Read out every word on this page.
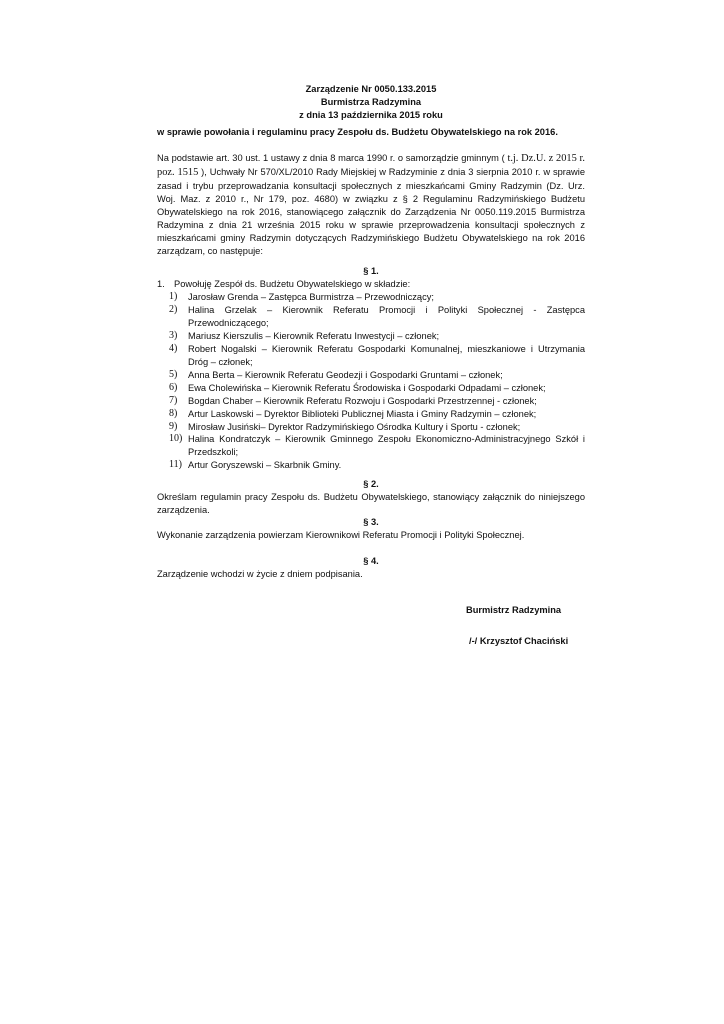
Zarządzenie Nr 0050.133.2015
Burmistrza Radzymina
z dnia 13 października 2015 roku
w sprawie powołania i regulaminu pracy Zespołu ds. Budżetu Obywatelskiego na rok 2016.
Na podstawie art. 30 ust. 1 ustawy z dnia 8 marca 1990 r. o samorządzie gminnym ( t.j. Dz.U. z 2015 r. poz. 1515 ), Uchwały Nr 570/XL/2010 Rady Miejskiej w Radzyminie z dnia 3 sierpnia 2010 r. w sprawie zasad i trybu przeprowadzania konsultacji społecznych z mieszkańcami Gminy Radzymin (Dz. Urz. Woj. Maz. z 2010 r., Nr 179, poz. 4680) w związku z § 2 Regulaminu Radzymińskiego Budżetu Obywatelskiego na rok 2016, stanowiącego załącznik do Zarządzenia Nr 0050.119.2015 Burmistrza Radzymina z dnia 21 września 2015 roku w sprawie przeprowadzenia konsultacji społecznych z mieszkańcami gminy Radzymin dotyczących Radzymińskiego Budżetu Obywatelskiego na rok 2016 zarządzam, co następuje:
§ 1.
1. Powołuję Zespół ds. Budżetu Obywatelskiego w składzie:
1)	Jarosław Grenda – Zastępca Burmistrza – Przewodniczący;
2)	Halina Grzelak – Kierownik Referatu Promocji i Polityki Społecznej - Zastępca Przewodniczącego;
3)	Mariusz Kierszulis – Kierownik Referatu Inwestycji – członek;
4)	Robert Nogalski – Kierownik Referatu Gospodarki Komunalnej, mieszkaniowe i Utrzymania Dróg – członek;
5)	Anna Berta – Kierownik Referatu Geodezji i Gospodarki Gruntami – członek;
6)	Ewa Cholewińska – Kierownik Referatu Środowiska i Gospodarki Odpadami – członek;
7)	Bogdan Chaber – Kierownik Referatu Rozwoju i Gospodarki Przestrzennej - członek;
8)	Artur Laskowski – Dyrektor Biblioteki Publicznej Miasta i Gminy Radzymin – członek;
9)	Mirosław Jusiński– Dyrektor Radzymińskiego Ośrodka Kultury i Sportu - członek;
10) Halina Kondratczyk – Kierownik Gminnego Zespołu Ekonomiczno-Administracyjnego Szkół i Przedszkoli;
11) Artur Goryszewski – Skarbnik Gminy.
§ 2.
Określam regulamin pracy Zespołu ds. Budżetu Obywatelskiego, stanowiący załącznik do niniejszego zarządzenia.
§ 3.
Wykonanie zarządzenia powierzam Kierownikowi Referatu Promocji i Polityki Społecznej.
§ 4.
Zarządzenie wchodzi w życie z dniem podpisania.
Burmistrz Radzymina
/-/ Krzysztof Chaciński
